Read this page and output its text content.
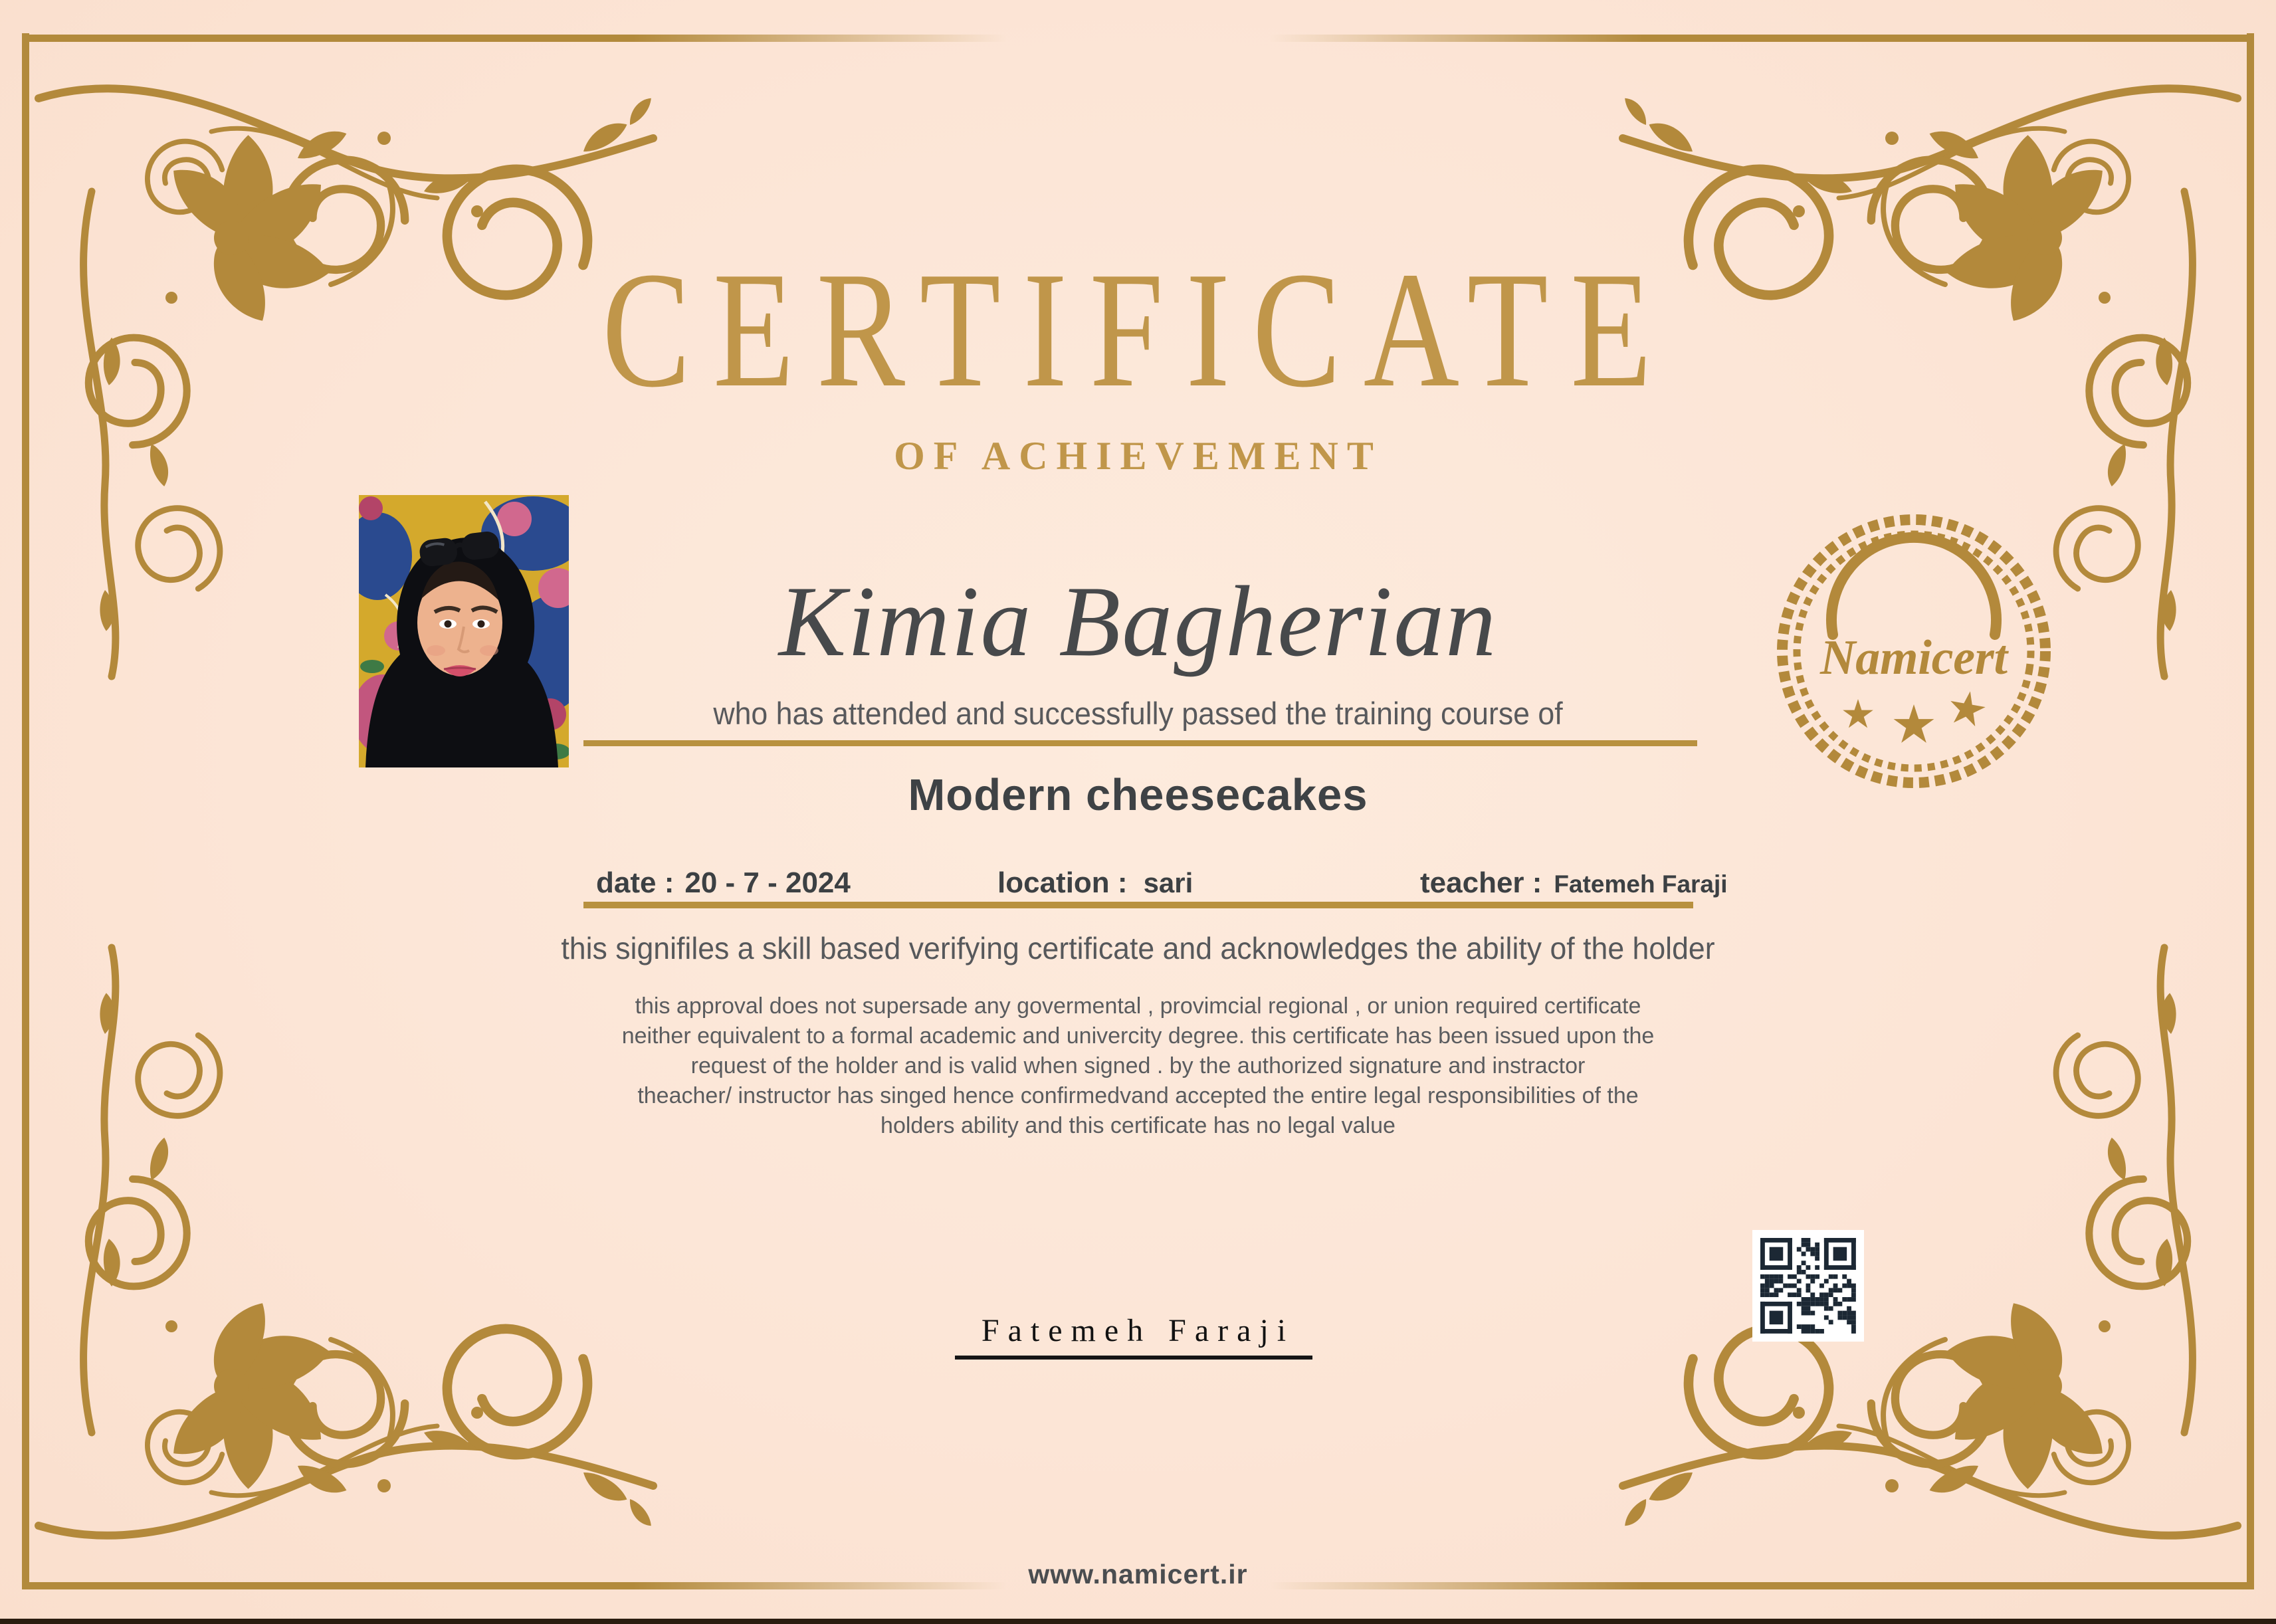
CERTIFICATE
OF ACHIEVEMENT
Namicert
Kimia Bagherian
who has attended and successfully passed the training course of
Modern cheesecakes
date : 20 - 7 - 2024	location : sari	teacher : Fatemeh Faraji
this signifiles a skill based verifying certificate and acknowledges the ability of the holder
this approval does not supersade any govermental , provimcial regional , or union required certificate
neither equivalent to a formal academic and univercity degree. this certificate has been issued upon the
request of the holder and is valid when signed . by the authorized signature and instractor
theacher/ instructor has singed hence confirmedvand accepted the entire legal responsibilities of the
holders ability and this certificate has no legal value
Fatemeh Faraji
www.namicert.ir
